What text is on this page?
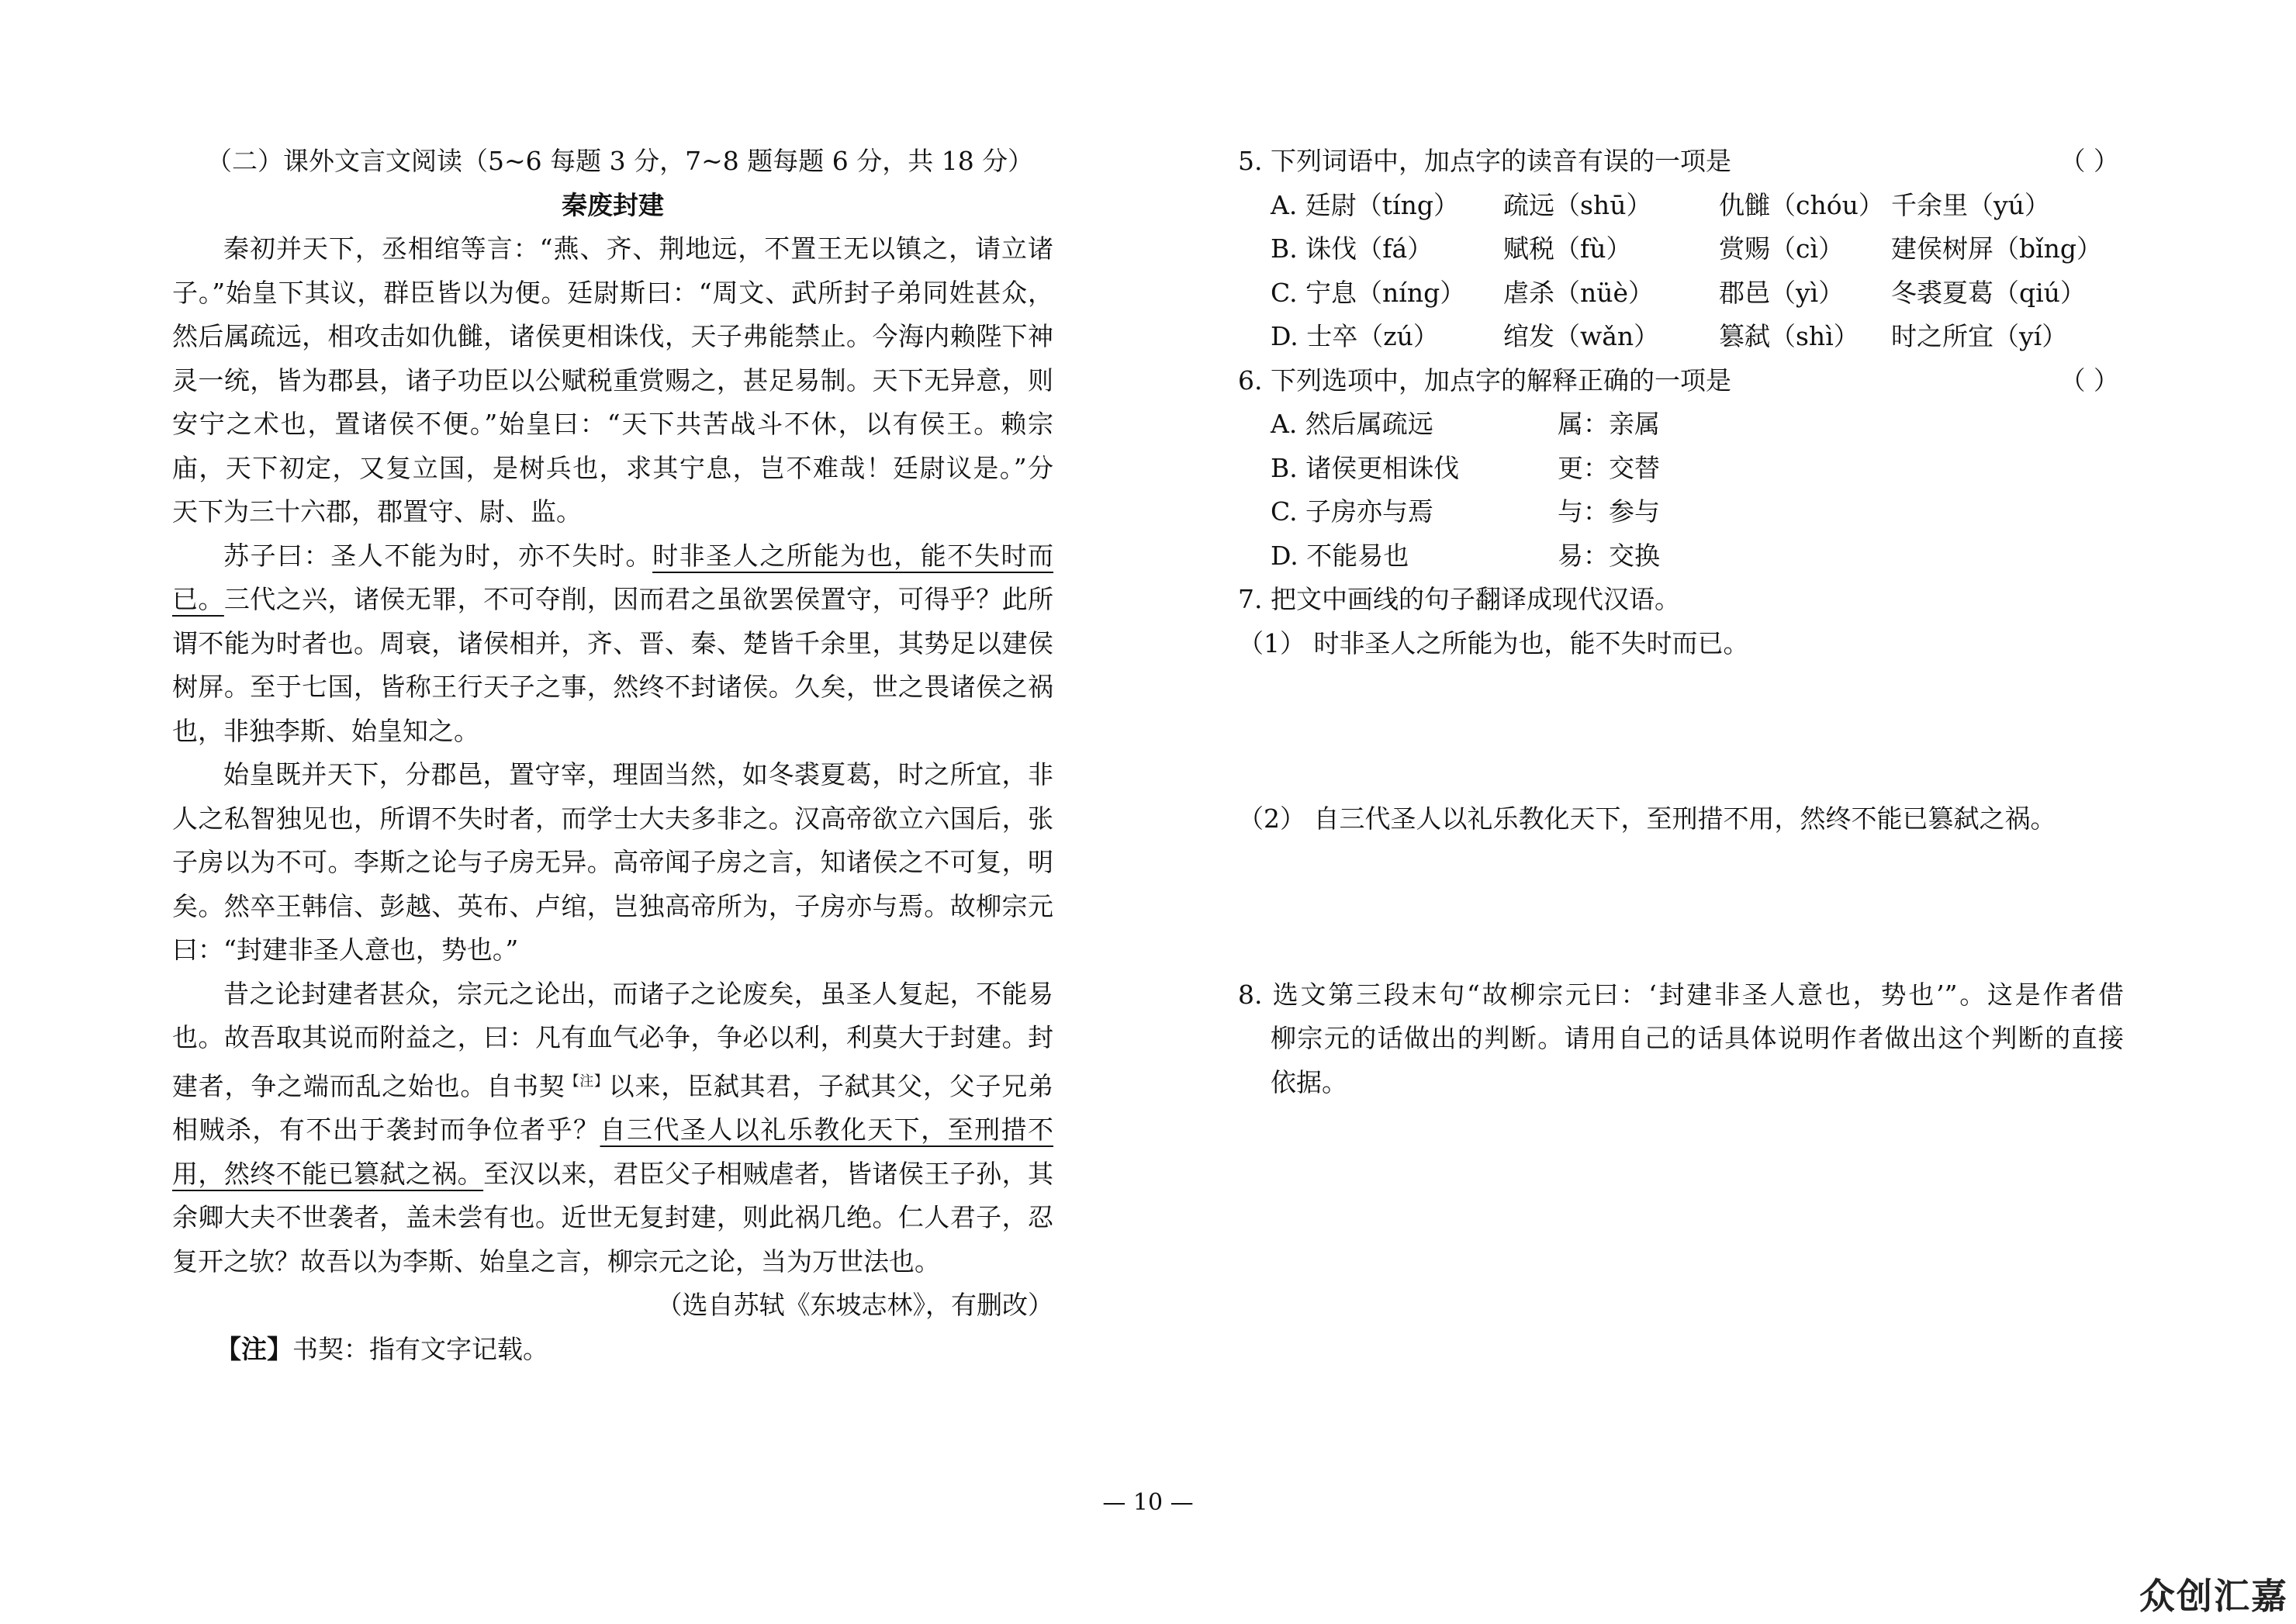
（二）课外文言文阅读（5~6 每题 3 分，7~8 题每题 6 分，共 18 分）
秦废封建
秦初并天下，丞相绾等言：“燕、齐、荆地远，不置王无以镇之，请立诸
子。”始皇下其议，群臣皆以为便。廷尉斯曰：“周文、武所封子弟同姓甚众，
然后属疏远，相攻击如仇雠，诸侯更相诛伐，天子弗能禁止。今海内赖陛下神
灵一统，皆为郡县，诸子功臣以公赋税重赏赐之，甚足易制。天下无异意，则
安宁之术也，置诸侯不便。”始皇曰：“天下共苦战斗不休，以有侯王。赖宗
庙，天下初定，又复立国，是树兵也，求其宁息，岂不难哉！廷尉议是。”分
天下为三十六郡，郡置守、尉、监。
苏子曰：圣人不能为时，亦不失时。时非圣人之所能为也，能不失时而
已。三代之兴，诸侯无罪，不可夺削，因而君之虽欲罢侯置守，可得乎？此所
谓不能为时者也。周衰，诸侯相并，齐、晋、秦、楚皆千余里，其势足以建侯
树屏。至于七国，皆称王行天子之事，然终不封诸侯。久矣，世之畏诸侯之祸
也，非独李斯、始皇知之。
始皇既并天下，分郡邑，置守宰，理固当然，如冬裘夏葛，时之所宜，非
人之私智独见也，所谓不失时者，而学士大夫多非之。汉高帝欲立六国后，张
子房以为不可。李斯之论与子房无异。高帝闻子房之言，知诸侯之不可复，明
矣。然卒王韩信、彭越、英布、卢绾，岂独高帝所为，子房亦与焉。故柳宗元
曰：“封建非圣人意也，势也。”
昔之论封建者甚众，宗元之论出，而诸子之论废矣，虽圣人复起，不能易
也。故吾取其说而附益之，曰：凡有血气必争，争必以利，利莫大于封建。封
建者，争之端而乱之始也。自书契$^{【注】}$以来，臣弑其君，子弑其父，父子兄弟
相贼杀，有不出于袭封而争位者乎？自三代圣人以礼乐教化天下，至刑措不
用，然终不能已篡弑之祸。至汉以来，君臣父子相贼虐者，皆诸侯王子孙，其
余卿大夫不世袭者，盖未尝有也。近世无复封建，则此祸几绝。仁人君子，忍
复开之欤？故吾以为李斯、始皇之言，柳宗元之论，当为万世法也。
（选自苏轼《东坡志林》，有删改）
【注】书契：指有文字记载。
5. 下列词语中，加点字的读音有误的一项是	（ ）
A. 廷尉（tíng）	疏远（shū）	仇雠（chóu） 千余里（yú）
B. 诛伐（fá）	赋税（fù）	赏赐（cì）	建侯树屏（bǐng）
C. 宁息（níng）	虐杀（nüè）	郡邑（yì）	冬裘夏葛（qiú）
D. 士卒（zú）	绾发（wǎn）	篡弑（shì）	时之所宜（yí）
6. 下列选项中，加点字的解释正确的一项是	（ ）
A. 然后属疏远	属：亲属
B. 诸侯更相诛伐	更：交替
C. 子房亦与焉	与：参与
D. 不能易也	易：交换
7. 把文中画线的句子翻译成现代汉语。
（1） 时非圣人之所能为也，能不失时而已。
（2） 自三代圣人以礼乐教化天下，至刑措不用，然终不能已篡弑之祸。
8. 选文第三段末句“故柳宗元曰：‘封建非圣人意也，势也’”。这是作者借
柳宗元的话做出的判断。请用自己的话具体说明作者做出这个判断的直接
依据。
— 10 —
众创汇嘉
